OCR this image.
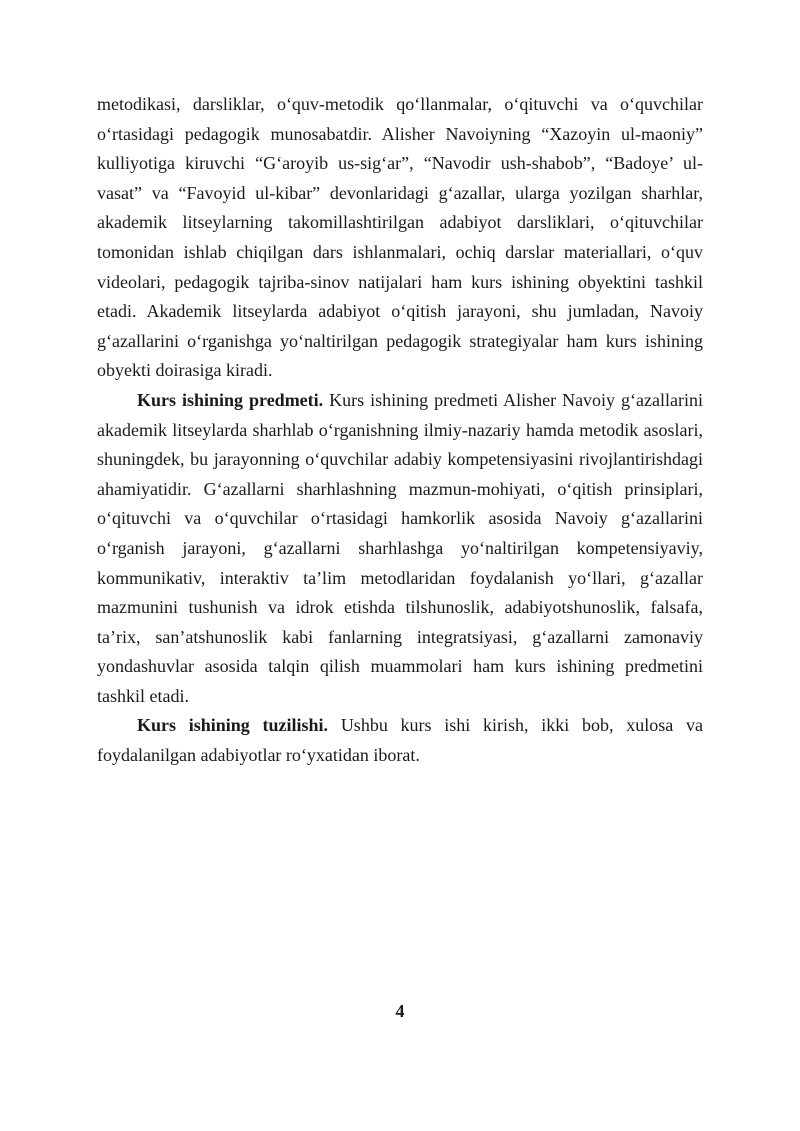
metodikasi, darsliklar, o‘quv-metodik qo‘llanmalar, o‘qituvchi va o‘quvchilar o‘rtasidagi pedagogik munosabatdir. Alisher Navoiyning “Xazoyin ul-maoniy” kulliyotiga kiruvchi “G‘aroyib us-sig‘ar”, “Navodir ush-shabob”, “Badoye’ ul-vasat” va “Favoyid ul-kibar” devonlaridagi g‘azallar, ularga yozilgan sharhlar, akademik litseylarning takomillashtirilgan adabiyot darsliklari, o‘qituvchilar tomonidan ishlab chiqilgan dars ishlanmalari, ochiq darslar materiallari, o‘quv videolari, pedagogik tajriba-sinov natijalari ham kurs ishining obyektini tashkil etadi. Akademik litseylarda adabiyot o‘qitish jarayoni, shu jumladan, Navoiy g‘azallarini o‘rganishga yo‘naltirilgan pedagogik strategiyalar ham kurs ishining obyekti doirasiga kiradi.

Kurs ishining predmeti. Kurs ishining predmeti Alisher Navoiy g‘azallarini akademik litseylarda sharhlab o‘rganishning ilmiy-nazariy hamda metodik asoslari, shuningdek, bu jarayonning o‘quvchilar adabiy kompetensiyasini rivojlantirishdagi ahamiyatidir. G‘azallarni sharhlashning mazmun-mohiyati, o‘qitish prinsiplari, o‘qituvchi va o‘quvchilar o‘rtasidagi hamkorlik asosida Navoiy g‘azallarini o‘rganish jarayoni, g‘azallarni sharhlashga yo‘naltirilgan kompetensiyaviy, kommunikativ, interaktiv ta’lim metodlaridan foydalanish yo‘llari, g‘azallar mazmunini tushunish va idrok etishda tilshunoslik, adabiyotshunoslik, falsafa, ta’rix, san’atshunoslik kabi fanlarning integratsiyasi, g‘azallarni zamonaviy yondashuvlar asosida talqin qilish muammolari ham kurs ishining predmetini tashkil etadi.

Kurs ishining tuzilishi. Ushbu kurs ishi kirish, ikki bob, xulosa va foydalanilgan adabiyotlar ro‘yxatidan iborat.

4
